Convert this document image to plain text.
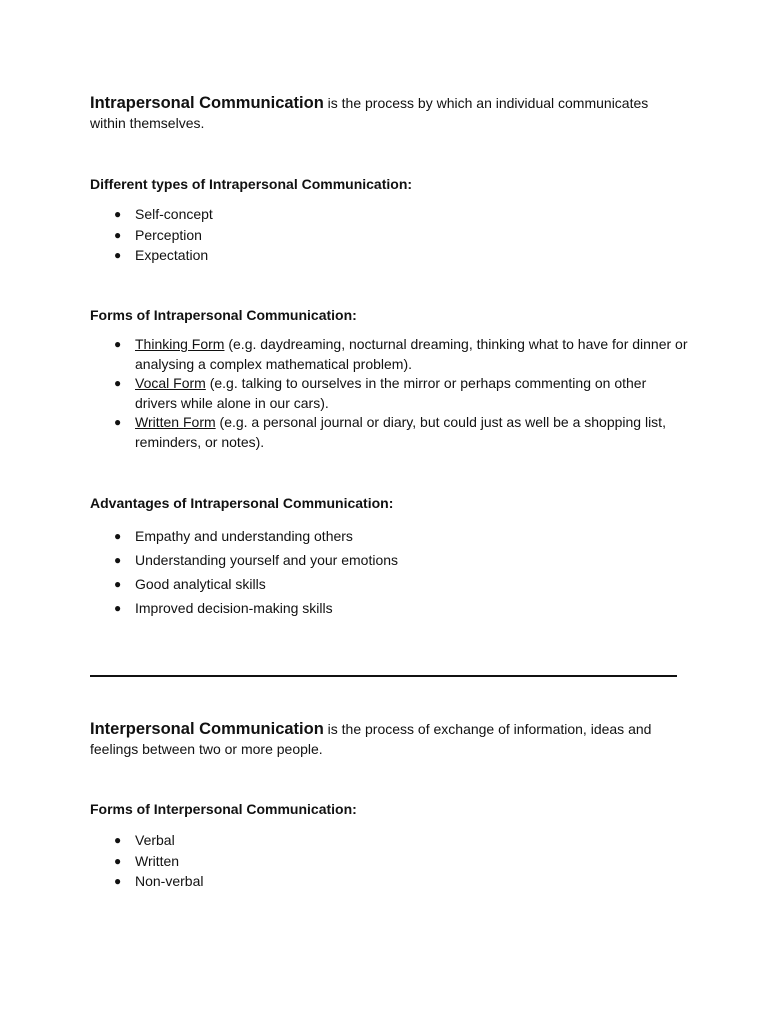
Intrapersonal Communication is the process by which an individual communicates within themselves.

Different types of Intrapersonal Communication:

● Self-concept
● Perception
● Expectation

Forms of Intrapersonal Communication:

● Thinking Form (e.g. daydreaming, nocturnal dreaming, thinking what to have for dinner or analysing a complex mathematical problem).
● Vocal Form (e.g. talking to ourselves in the mirror or perhaps commenting on other drivers while alone in our cars).
● Written Form (e.g. a personal journal or diary, but could just as well be a shopping list, reminders, or notes).

Advantages of Intrapersonal Communication:

● Empathy and understanding others
● Understanding yourself and your emotions
● Good analytical skills
● Improved decision-making skills

Interpersonal Communication is the process of exchange of information, ideas and feelings between two or more people.

Forms of Interpersonal Communication:

● Verbal
● Written
● Non-verbal
